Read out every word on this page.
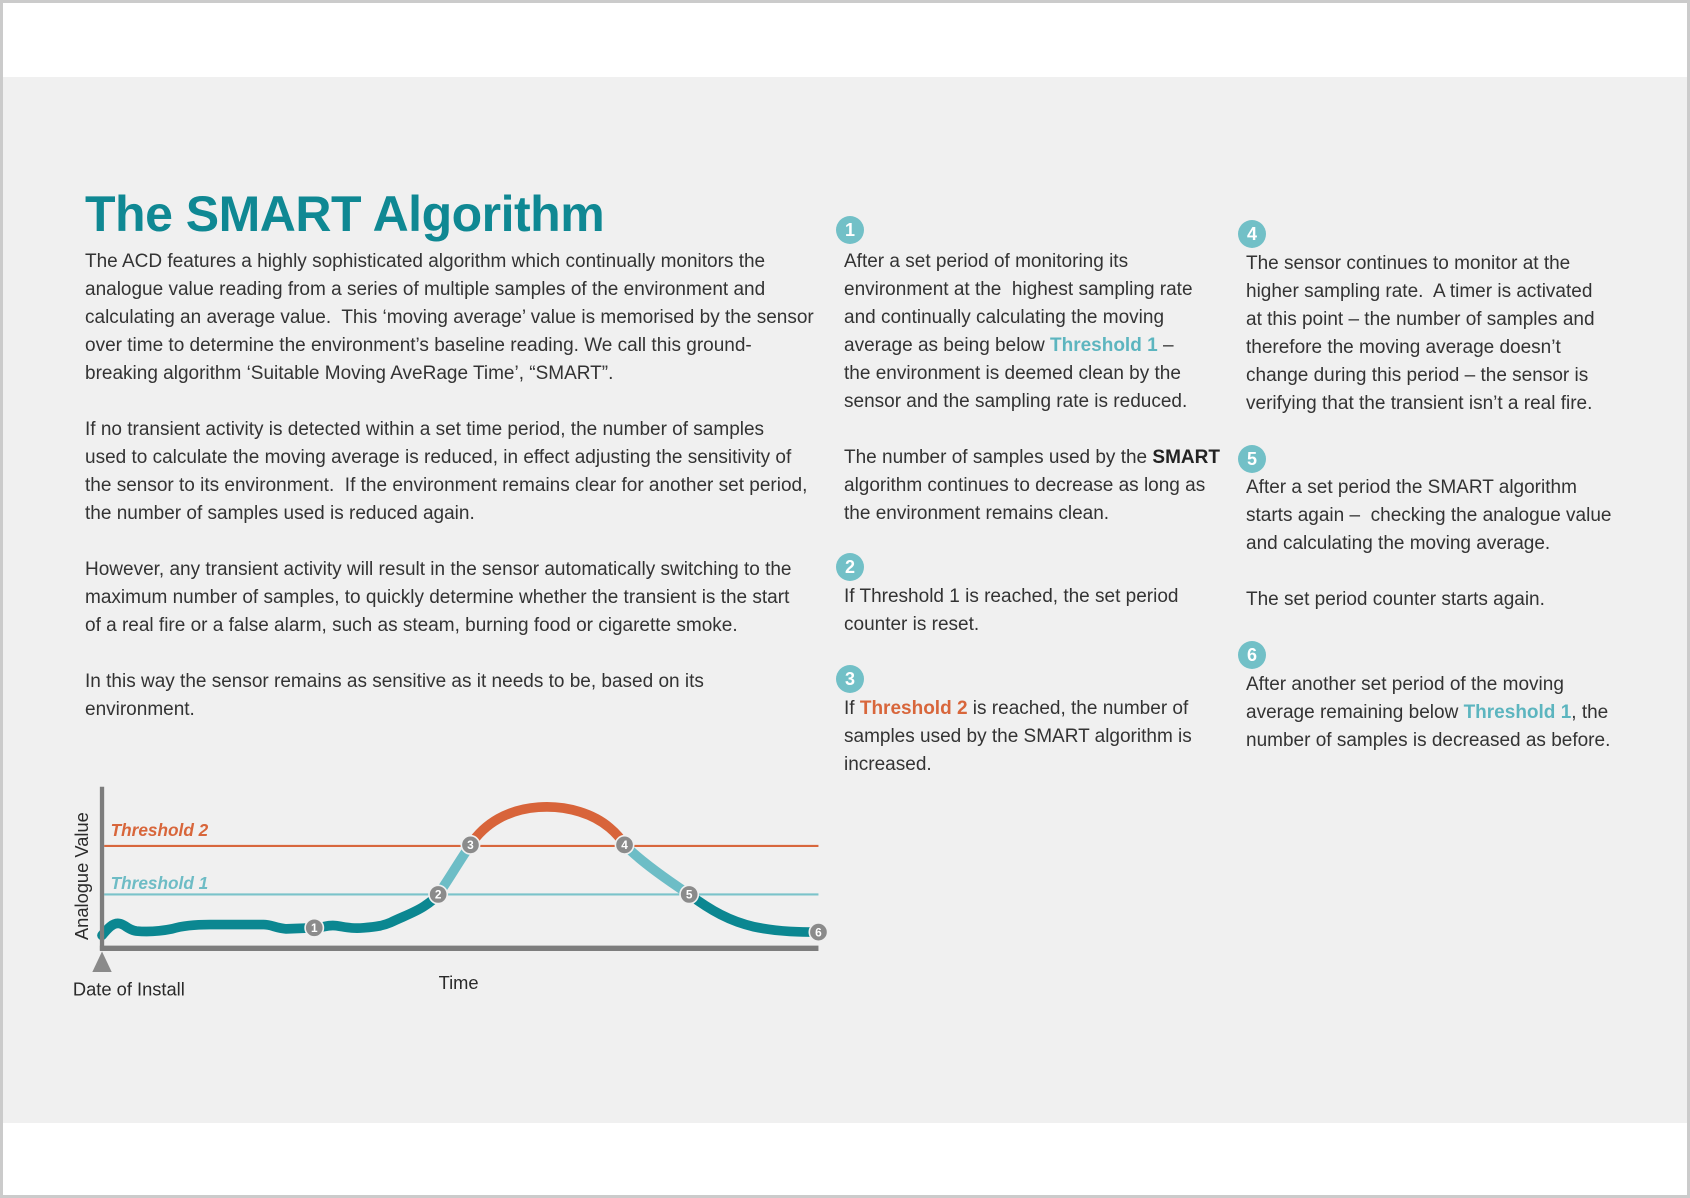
The SMART Algorithm

The ACD features a highly sophisticated algorithm which continually monitors the
analogue value reading from a series of multiple samples of the environment and
calculating an average value.  This ‘moving average’ value is memorised by the sensor
over time to determine the environment’s baseline reading. We call this ground-
breaking algorithm ‘Suitable Moving AveRage Time’, “SMART”.

If no transient activity is detected within a set time period, the number of samples
used to calculate the moving average is reduced, in effect adjusting the sensitivity of
the sensor to its environment.  If the environment remains clear for another set period,
the number of samples used is reduced again.

However, any transient activity will result in the sensor automatically switching to the
maximum number of samples, to quickly determine whether the transient is the start
of a real fire or a false alarm, such as steam, burning food or cigarette smoke.

In this way the sensor remains as sensitive as it needs to be, based on its
environment.

1

After a set period of monitoring its
environment at the  highest sampling rate
and continually calculating the moving
average as being below Threshold 1 –
the environment is deemed clean by the
sensor and the sampling rate is reduced.

The number of samples used by the SMART
algorithm continues to decrease as long as
the environment remains clean.

2

If Threshold 1 is reached, the set period
counter is reset.

3

If Threshold 2 is reached, the number of
samples used by the SMART algorithm is
increased.

4

The sensor continues to monitor at the
higher sampling rate.  A timer is activated
at this point – the number of samples and
therefore the moving average doesn’t
change during this period – the sensor is
verifying that the transient isn’t a real fire.

5

After a set period the SMART algorithm
starts again –  checking the analogue value
and calculating the moving average.

The set period counter starts again.

6

After another set period of the moving
average remaining below Threshold 1, the
number of samples is decreased as before.

Threshold 2
Threshold 1
Analogue Value
Time
Date of Install
1
2
3	4
5
6
